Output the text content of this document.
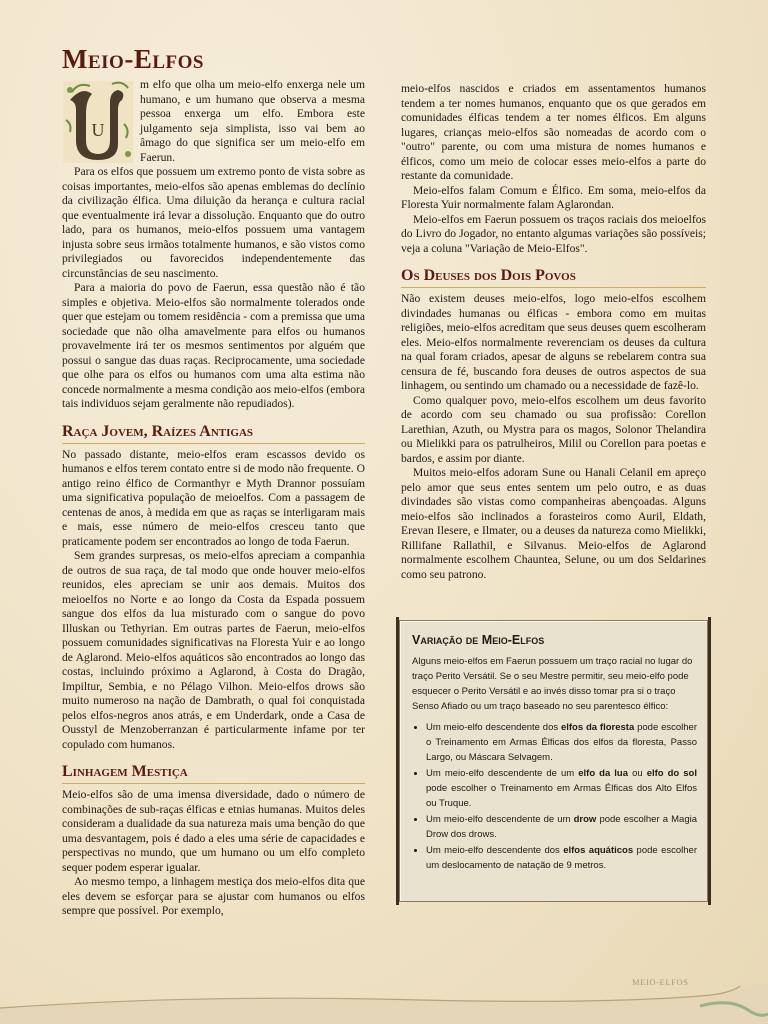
Meio-Elfos
U

m elfo que olha um meio-elfo enxerga nele um humano, e um humano que observa a mesma pessoa enxerga um elfo. Embora este julgamento seja simplista, isso vai bem ao âmago do que significa ser um meio-elfo em Faerun.

Para os elfos que possuem um extremo ponto de vista sobre as coisas importantes, meio-elfos são apenas emblemas do declínio da civilização élfica. Uma diluição da herança e cultura racial que eventualmente irá levar a dissolução. Enquanto que do outro lado, para os humanos, meio-elfos possuem uma vantagem injusta sobre seus irmãos totalmente humanos, e são vistos como privilegiados ou favorecidos independentemente das circunstâncias de seu nascimento.

Para a maioria do povo de Faerun, essa questão não é tão simples e objetiva. Meio-elfos são normalmente tolerados onde quer que estejam ou tomem residência - com a premissa que uma sociedade que não olha amavelmente para elfos ou humanos provavelmente irá ter os mesmos sentimentos por alguém que possui o sangue das duas raças. Reciprocamente, uma sociedade que olhe para os elfos ou humanos com uma alta estima não concede normalmente a mesma condição aos meio-elfos (embora tais individuos sejam geralmente não repudiados).

Raça Jovem, Raízes Antigas

No passado distante, meio-elfos eram escassos devido os humanos e elfos terem contato entre si de modo não frequente. O antigo reino élfico de Cormanthyr e Myth Drannor possuíam uma significativa população de meioelfos. Com a passagem de centenas de anos, à medida em que as raças se interligaram mais e mais, esse número de meio-elfos cresceu tanto que praticamente podem ser encontrados ao longo de toda Faerun.

Sem grandes surpresas, os meio-elfos apreciam a companhia de outros de sua raça, de tal modo que onde houver meio-elfos reunidos, eles apreciam se unir aos demais. Muitos dos meioelfos no Norte e ao longo da Costa da Espada possuem sangue dos elfos da lua misturado com o sangue do povo Illuskan ou Tethyrian. Em outras partes de Faerun, meio-elfos possuem comunidades significativas na Floresta Yuir e ao longo de Aglarond. Meio-elfos aquáticos são encontrados ao longo das costas, incluindo próximo a Aglarond, à Costa do Dragão, Impiltur, Sembia, e no Pélago Vilhon. Meio-elfos drows são muito numeroso na nação de Dambrath, o qual foi conquistada pelos elfos-negros anos atrás, e em Underdark, onde a Casa de Ousstyl de Menzoberranzan é particularmente infame por ter copulado com humanos.

Linhagem Mestiça

Meio-elfos são de uma imensa diversidade, dado o número de combinações de sub-raças élficas e etnias humanas. Muitos deles consideram a dualidade da sua natureza mais uma benção do que uma desvantagem, pois é dado a eles uma série de capacidades e perspectivas no mundo, que um humano ou um elfo completo sequer podem esperar igualar.

Ao mesmo tempo, a linhagem mestiça dos meio-elfos dita que eles devem se esforçar para se ajustar com humanos ou elfos sempre que possível. Por exemplo,

meio-elfos nascidos e criados em assentamentos humanos tendem a ter nomes humanos, enquanto que os que gerados em comunidades élficas tendem a ter nomes élficos. Em alguns lugares, crianças meio-elfos são nomeadas de acordo com o "outro" parente, ou com uma mistura de nomes humanos e élficos, como um meio de colocar esses meio-elfos a parte do restante da comunidade.

Meio-elfos falam Comum e Élfico. Em soma, meio-elfos da Floresta Yuir normalmente falam Aglarondan.

Meio-elfos em Faerun possuem os traços raciais dos meioelfos do Livro do Jogador, no entanto algumas variações são possíveis; veja a coluna "Variação de Meio-Elfos".

Os Deuses dos Dois Povos

Não existem deuses meio-elfos, logo meio-elfos escolhem divindades humanas ou élficas - embora como em muitas religiões, meio-elfos acreditam que seus deuses quem escolheram eles. Meio-elfos normalmente reverenciam os deuses da cultura na qual foram criados, apesar de alguns se rebelarem contra sua censura de fé, buscando fora deuses de outros aspectos de sua linhagem, ou sentindo um chamado ou a necessidade de fazê-lo.

Como qualquer povo, meio-elfos escolhem um deus favorito de acordo com seu chamado ou sua profissão: Corellon Larethian, Azuth, ou Mystra para os magos, Solonor Thelandira ou Mielikki para os patrulheiros, Milil ou Corellon para poetas e bardos, e assim por diante.

Muitos meio-elfos adoram Sune ou Hanali Celanil em apreço pelo amor que seus entes sentem um pelo outro, e as duas divindades são vistas como companheiras abençoadas. Alguns meio-elfos são inclinados a forasteiros como Auril, Eldath, Erevan Ilesere, e Ilmater, ou a deuses da natureza como Mielikki, Rillifane Rallathil, e Silvanus. Meio-elfos de Aglarond normalmente escolhem Chauntea, Selune, ou um dos Seldarines como seu patrono.

Variação de Meio-Elfos

Alguns meio-elfos em Faerun possuem um traço racial no lugar do traço Perito Versátil. Se o seu Mestre permitir, seu meio-elfo pode esquecer o Perito Versátil e ao invés disso tomar pra si o traço Senso Afiado ou um traço baseado no seu parentesco élfico:

• Um meio-elfo descendente dos elfos da floresta pode escolher o Treinamento em Armas Élficas dos elfos da floresta, Passo Largo, ou Máscara Selvagem.
• Um meio-elfo descendente de um elfo da lua ou elfo do sol pode escolher o Treinamento em Armas Élficas dos Alto Elfos ou Truque.
• Um meio-elfo descendente de um drow pode escolher a Magia Drow dos drows.
• Um meio-elfo descendente dos elfos aquáticos pode escolher um deslocamento de natação de 9 metros.
MEIO-ELFOS
